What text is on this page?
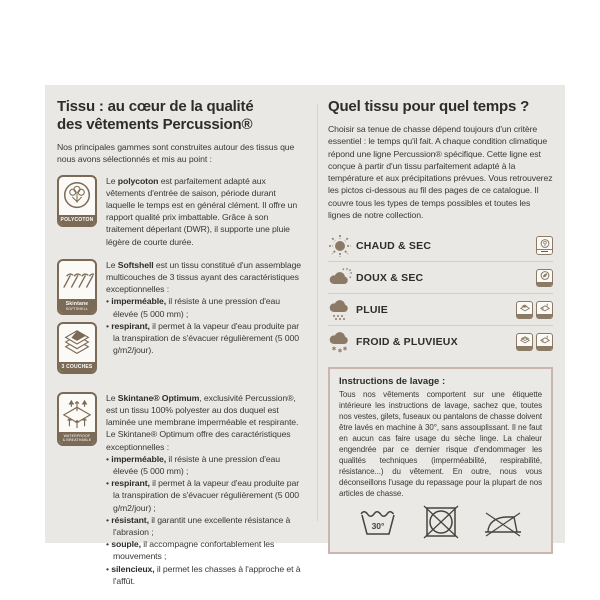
Tissu : au cœur de la qualité
des vêtements Percussion®

Nos principales gammes sont construites autour des tissus que nous avons sélectionnés et mis au point :

POLYCOTON

Le polycoton est parfaitement adapté aux vêtements d'entrée de saison, période durant laquelle le temps est en général clément. Il offre un rapport qualité prix imbattable. Grâce à son traitement déperlant (DWR), il supporte une pluie légère de courte durée.

Skintane
SOFTSHELL
3 COUCHES

Le Softshell est un tissu constitué d'un assemblage multicouches de 3 tissus ayant des caractéristiques exceptionnelles :

• imperméable, il résiste à une pression d'eau élevée (5 000 mm) ;
• respirant, il permet à la vapeur d'eau produite par la transpiration de s'évacuer régulièrement (5 000 g/m2/jour).
WATERPROOF
& BREATHABLE

Le Skintane® Optimum, exclusivité Percussion®, est un tissu 100% polyester au dos duquel est laminée une membrane imperméable et respirante. Le Skintane® Optimum offre des caractéristiques exceptionnelles :

• imperméable, il résiste à une pression d'eau élevée (5 000 mm) ;
• respirant, il permet à la vapeur d'eau produite par la transpiration de s'évacuer régulièrement (5 000 g/m2/jour) ;
• résistant, il garantit une excellente résistance à l'abrasion ;
• souple, il accompagne confortablement les mouvements ;
• silencieux, il permet les chasses à l'approche et à l'affût.
Quel tissu pour quel temps ?

Choisir sa tenue de chasse dépend toujours d'un critère essentiel : le temps qu'il fait. A chaque condition climatique répond une ligne Percussion® spécifique. Cette ligne est conçue à partir d'un tissu parfaitement adapté à la température et aux précipitations prévues. Vous retrouverez les pictos ci-dessous au fil des pages de ce catalogue. Il couvre tous les types de temps possibles et toutes les lignes de notre collection.

CHAUD & SEC
DOUX & SEC
PLUIE
FROID & PLUVIEUX

Instructions de lavage :

Tous nos vêtements comportent sur une étiquette intérieure les instructions de lavage, sachez que, toutes nos vestes, gilets, fuseaux ou pantalons de chasse doivent être lavés en machine à 30°, sans assouplissant. Il ne faut en aucun cas faire usage du sèche linge. La chaleur engendrée par ce dernier risque d'endommager les qualités techniques (imperméabilité, respirabilité, résistance...) du vêtement. En outre, nous vous déconseillons l'usage du repassage pour la plupart de nos articles de chasse.

30°
